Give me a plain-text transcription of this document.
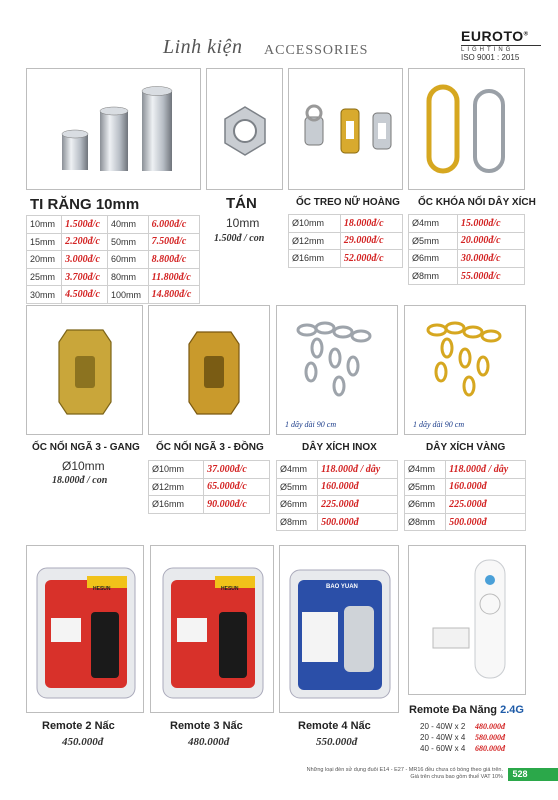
Linh kiện ACCESSORIES
EUROTO®
LIGHTING
ISO 9001 : 2015
TI RĂNG 10mm
10mm	1.500đ/c	40mm	6.000đ/c
15mm	2.200đ/c	50mm	7.500đ/c
20mm	3.000đ/c	60mm	8.800đ/c
25mm	3.700đ/c	80mm	11.800đ/c
30mm	4.500đ/c	100mm	14.800đ/c
TÁN
10mm
1.500đ / con
ỐC TREO NỮ HOÀNG
Ø10mm	18.000đ/c
Ø12mm	29.000đ/c
Ø16mm	52.000đ/c
ỐC KHÓA NỐI DÂY XÍCH
Ø4mm	15.000đ/c
Ø5mm	20.000đ/c
Ø6mm	30.000đ/c
Ø8mm	55.000đ/c
1 dây dài 90 cm	1 dây dài 90 cm
ỐC NỐI NGÃ 3 - GANG
Ø10mm
18.000đ / con
ỐC NỐI NGÃ 3 - ĐỒNG
Ø10mm	37.000đ/c
Ø12mm	65.000đ/c
Ø16mm	90.000đ/c
DÂY XÍCH INOX
Ø4mm	118.000đ / dây
Ø5mm	160.000đ
Ø6mm	225.000đ
Ø8mm	500.000đ
DÂY XÍCH VÀNG
Ø4mm	118.000đ / dây
Ø5mm	160.000đ
Ø6mm	225.000đ
Ø8mm	500.000đ
HESUN	HESUN	BAO YUAN
Remote 2 Nấc
450.000đ
Remote 3 Nấc
480.000đ
Remote 4 Nấc
550.000đ
Remote Đa Năng 2.4G
20 - 40W x 2	480.000đ
20 - 40W x 4	580.000đ
40 - 60W x 4	680.000đ
Những loại đèn sử dụng đuôi E14 - E27 - MR16 đều chưa có bóng theo giá trên.
Giá trên chưa bao gồm thuế VAT 10%	528
